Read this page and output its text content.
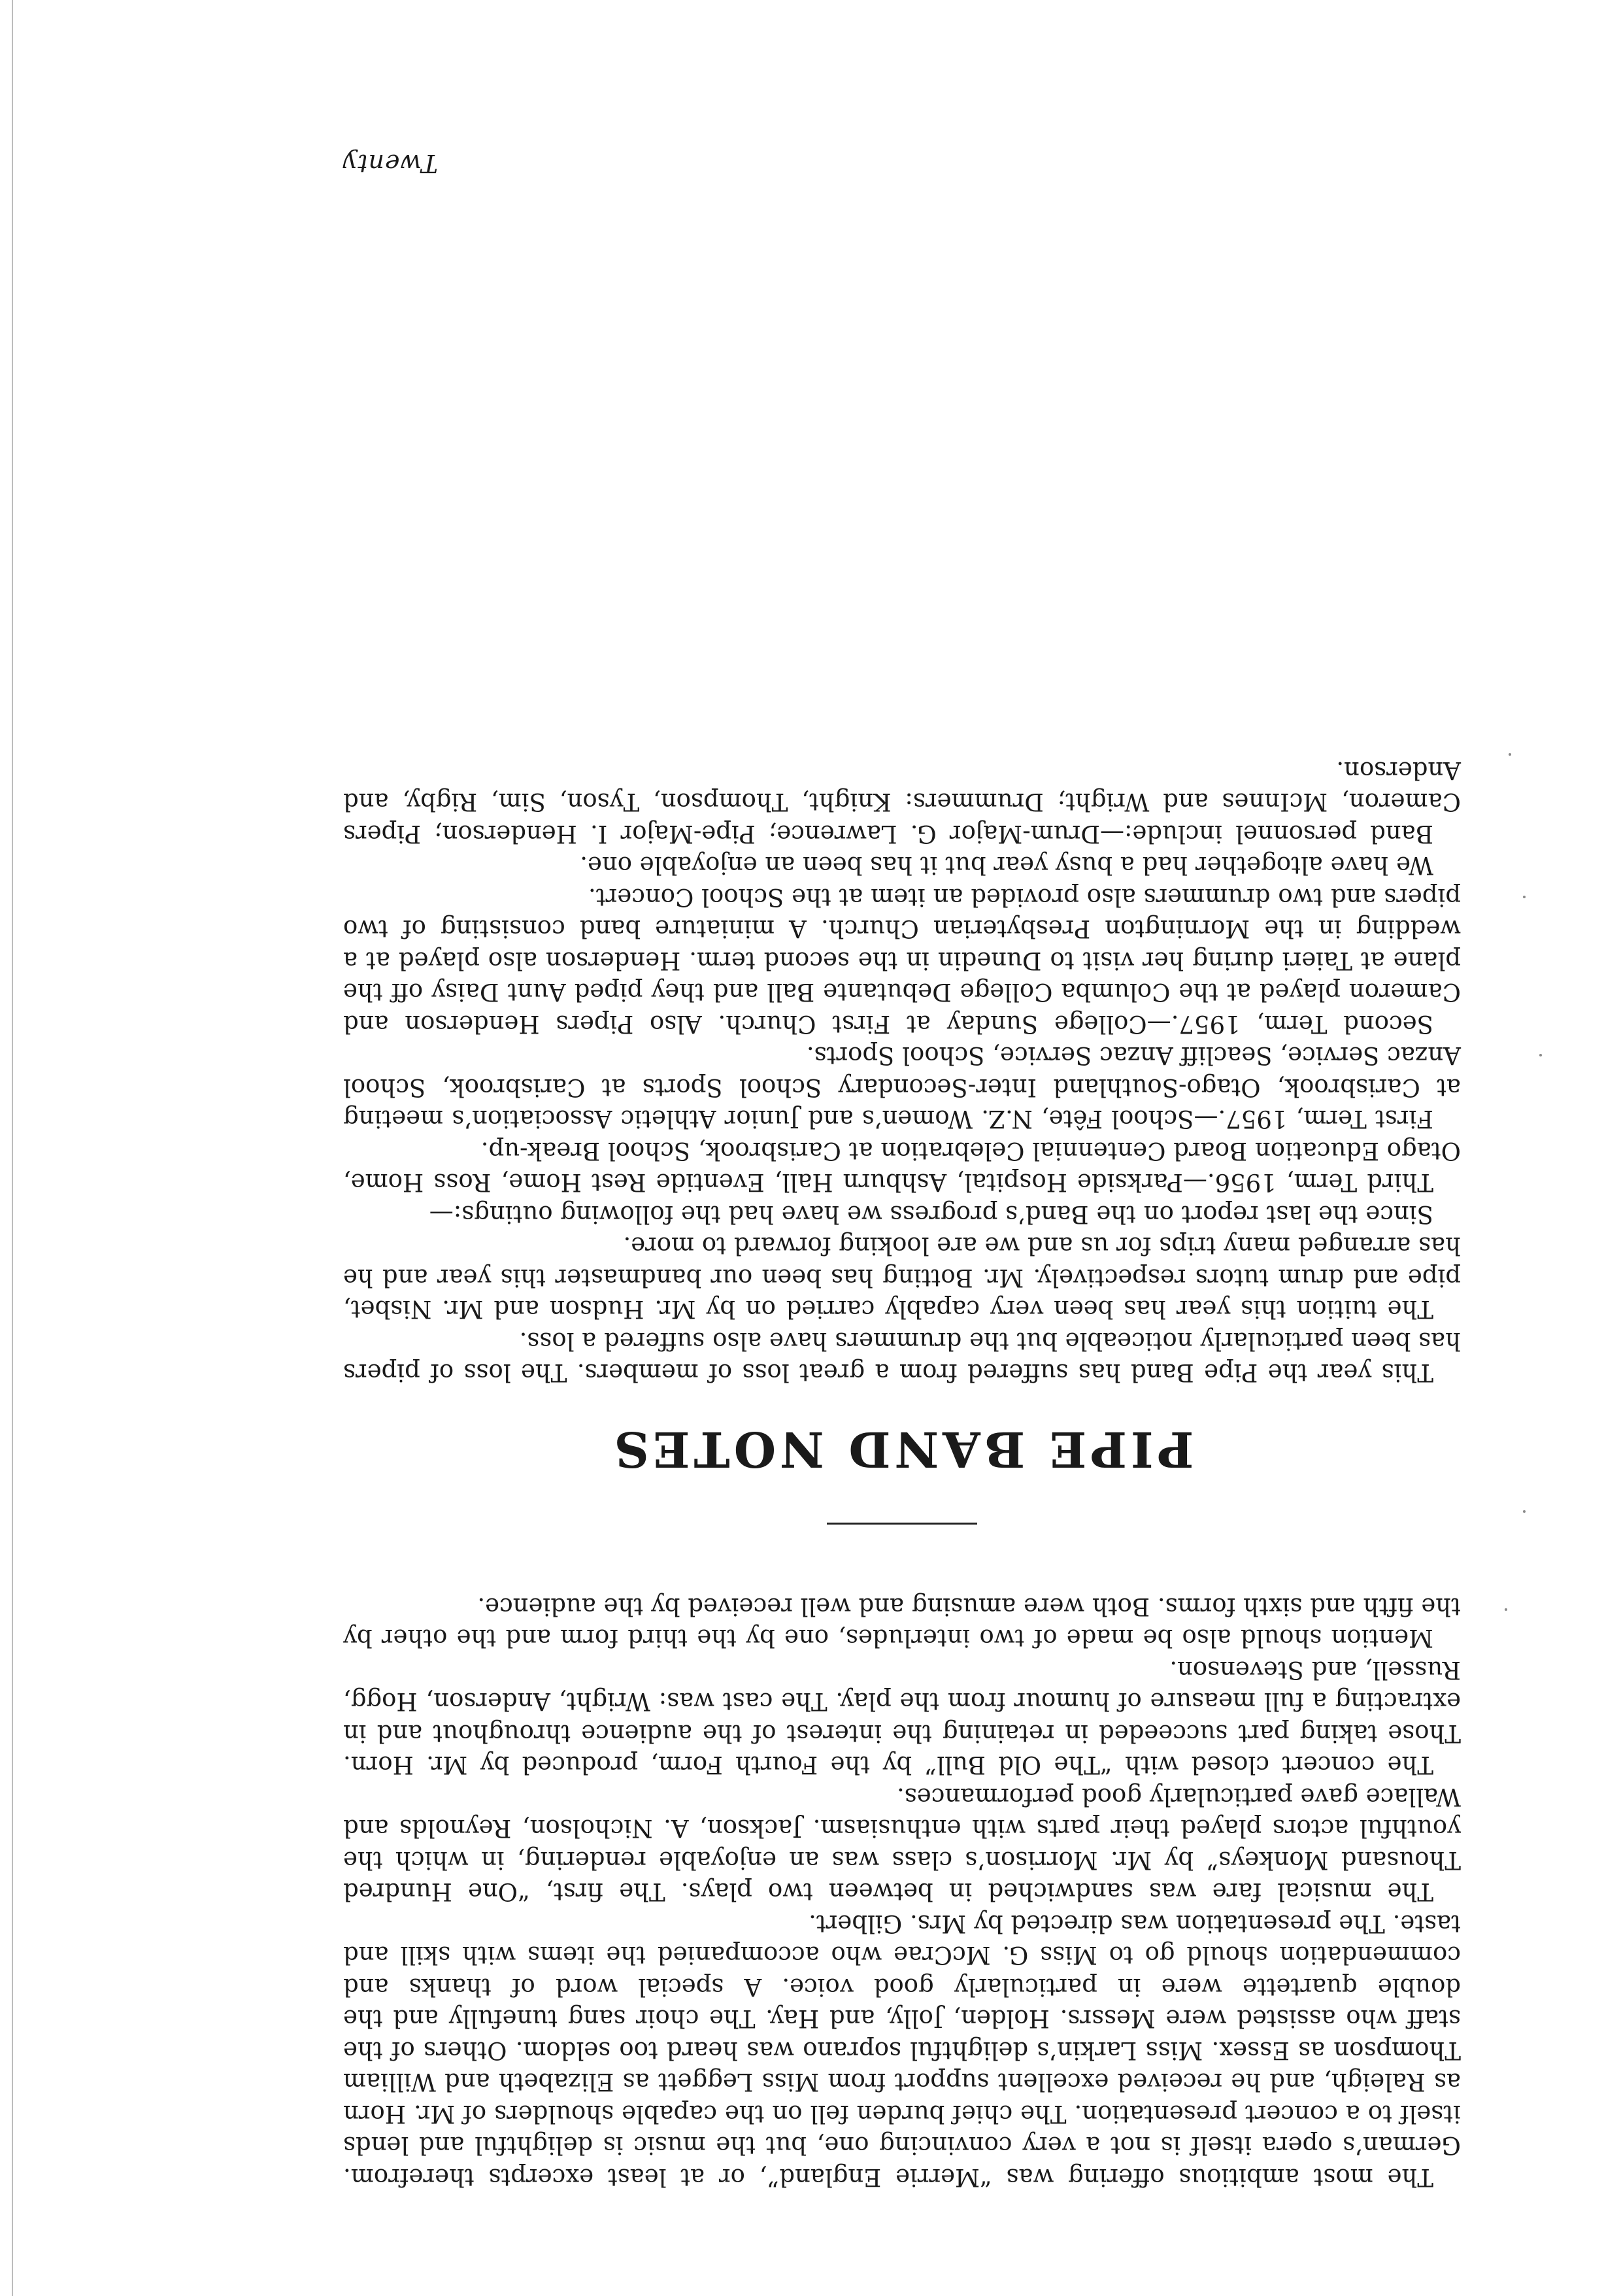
The most ambitious offering was “Merrie England”, or at least excerpts therefrom. German’s opera itself is not a very convincing one, but the music is delightful and lends itself to a concert presentation. The chief burden fell on the capable shoulders of Mr. Horn as Raleigh, and he received excellent support from Miss Leggett as Elizabeth and William Thompson as Essex. Miss Larkin’s delightful soprano was heard too seldom. Others of the staff who assisted were Messrs. Holden, Jolly, and Hay. The choir sang tunefully and the double quartette were in particularly good voice. A special word of thanks and commendation should go to Miss G. McCrae who accompanied the items with skill and taste. The presentation was directed by Mrs. Gilbert.

The musical fare was sandwiched in between two plays. The first, “One Hundred Thousand Monkeys” by Mr. Morrison’s class was an enjoyable rendering, in which the youthful actors played their parts with enthusiasm. Jackson, A. Nicholson, Reynolds and Wallace gave particularly good performances.

The concert closed with “The Old Bull” by the Fourth Form, produced by Mr. Horn. Those taking part succeeded in retaining the interest of the audience throughout and in extracting a full measure of humour from the play. The cast was: Wright, Anderson, Hogg, Russell, and Stevenson.

Mention should also be made of two interludes, one by the third form and the other by the fifth and sixth forms. Both were amusing and well received by the audience.

PIPE BAND NOTES

This year the Pipe Band has suffered from a great loss of members. The loss of pipers has been particularly noticeable but the drummers have also suffered a loss.

The tuition this year has been very capably carried on by Mr. Hudson and Mr. Nisbet, pipe and drum tutors respectively. Mr. Botting has been our bandmaster this year and he has arranged many trips for us and we are looking forward to more.

Since the last report on the Band’s progress we have had the following outings:—

Third Term, 1956.—Parkside Hospital, Ashburn Hall, Eventide Rest Home, Ross Home, Otago Education Board Centennial Celebration at Carisbrook, School Break-up.

First Term, 1957.—School Fête, N.Z. Women’s and Junior Athletic Association’s meeting at Carisbrook, Otago-Southland Inter-Secondary School Sports at Carisbrook, School Anzac Service, Seacliff Anzac Service, School Sports.

Second Term, 1957.—College Sunday at First Church. Also Pipers Henderson and Cameron played at the Columba College Debutante Ball and they piped Aunt Daisy off the plane at Taieri during her visit to Dunedin in the second term. Henderson also played at a wedding in the Mornington Presbyterian Church. A miniature band consisting of two pipers and two drummers also provided an item at the School Concert.

We have altogether had a busy year but it has been an enjoyable one.

Band personnel include:—Drum-Major G. Lawrence; Pipe-Major I. Henderson; Pipers Cameron, McInnes and Wright; Drummers: Knight, Thompson, Tyson, Sim, Rigby, and Anderson.

Twenty
